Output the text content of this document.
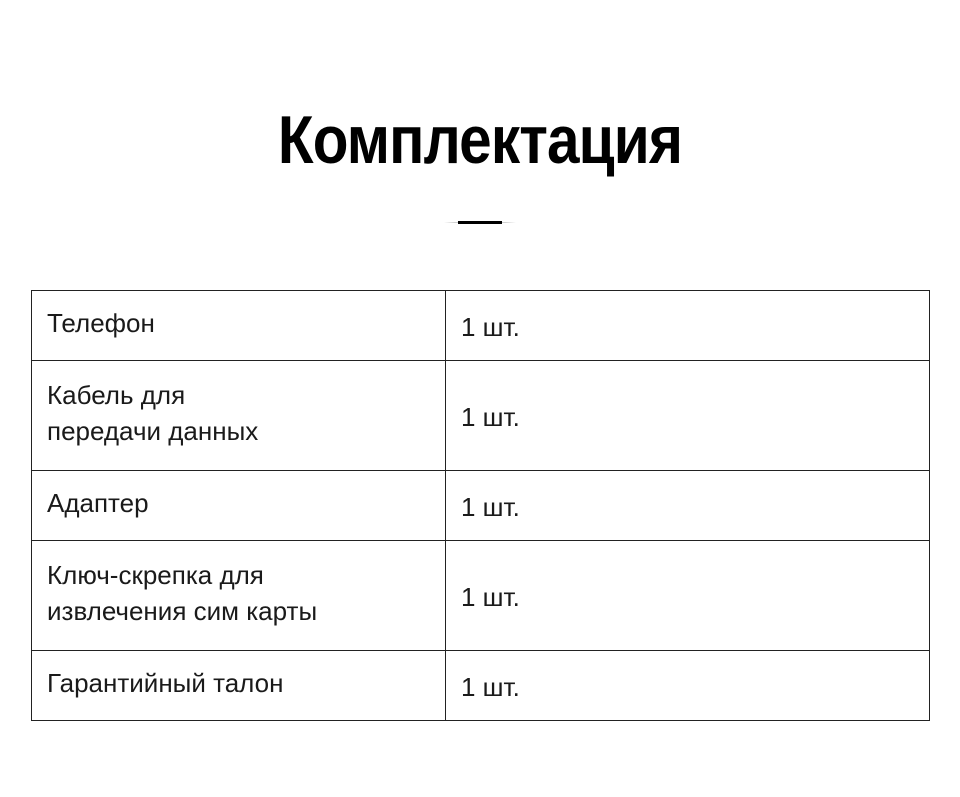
Комплектация
Телефон	1 шт.

Кабель для
передачи данных	1 шт.

Адаптер	1 шт.

Ключ-скрепка для
извлечения сим карты	1 шт.

Гарантийный талон	1 шт.
